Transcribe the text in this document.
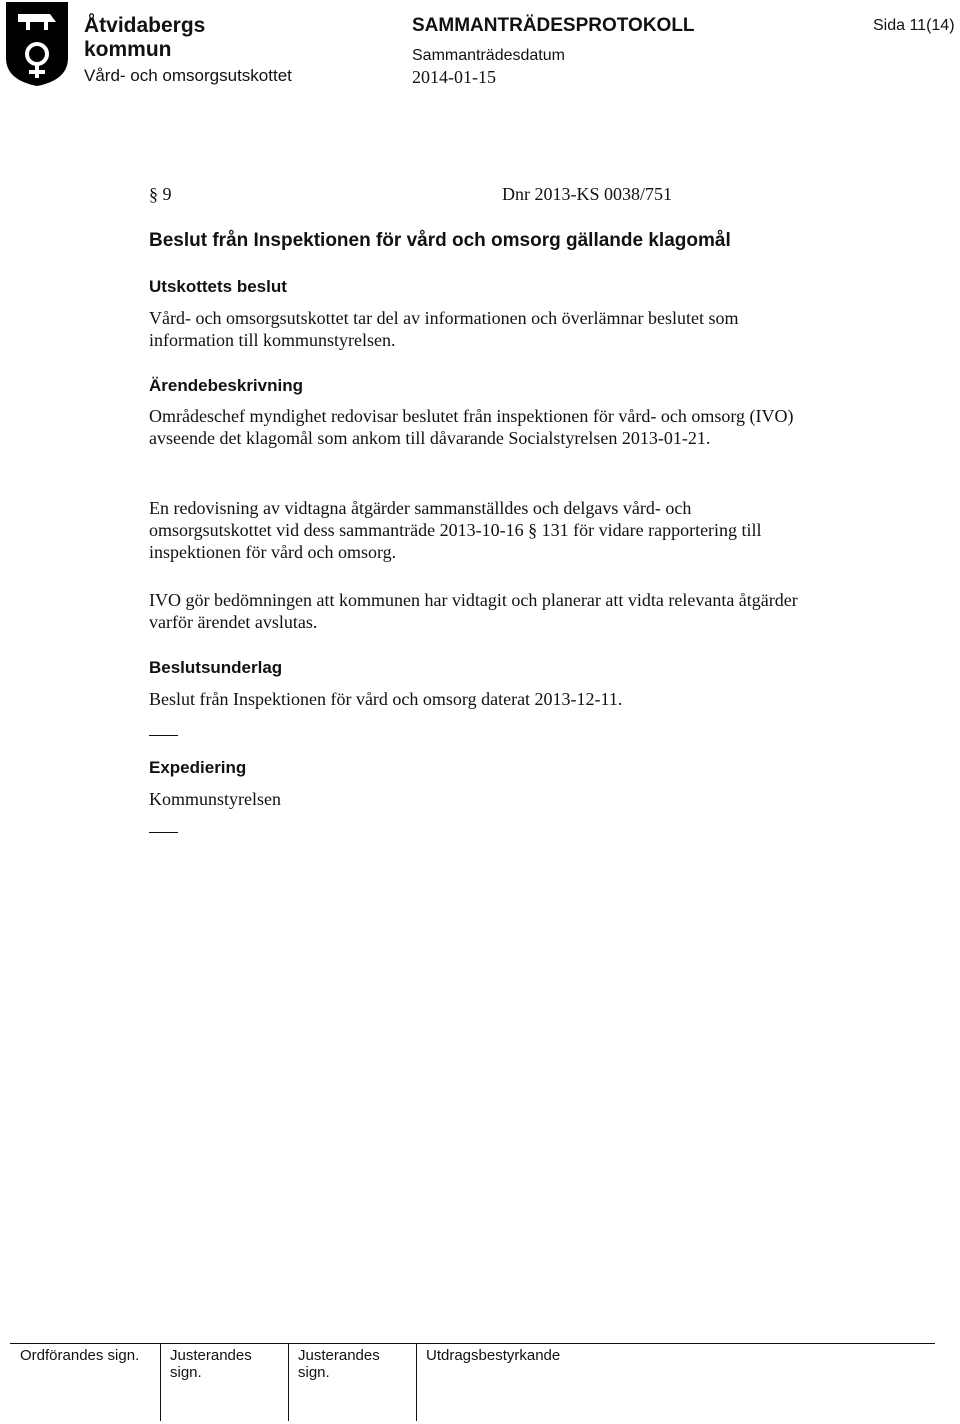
Åtvidabergs
kommun
Vård- och omsorgsutskottet
SAMMANTRÄDESPROTOKOLL
Sammanträdesdatum
2014-01-15
Sida 11(14)
§ 9	Dnr 2013-KS 0038/751
Beslut från Inspektionen för vård och omsorg gällande klagomål
Utskottets beslut

Vård- och omsorgsutskottet tar del av informationen och överlämnar beslutet som information till kommunstyrelsen.

Ärendebeskrivning

Områdeschef myndighet redovisar beslutet från inspektionen för vård- och omsorg (IVO) avseende det klagomål som ankom till dåvarande Socialstyrelsen 2013-01-21.

En redovisning av vidtagna åtgärder sammanställdes och delgavs vård- och omsorgsutskottet vid dess sammanträde 2013-10-16 § 131 för vidare rapportering till inspektionen för vård och omsorg.

IVO gör bedömningen att kommunen har vidtagit och planerar att vidta relevanta åtgärder varför ärendet avslutas.

Beslutsunderlag

Beslut från Inspektionen för vård och omsorg daterat 2013-12-11.

Expediering

Kommunstyrelsen

Ordförandes sign.	Justerandes sign.
Justerandes sign.
Utdragsbestyrkande
